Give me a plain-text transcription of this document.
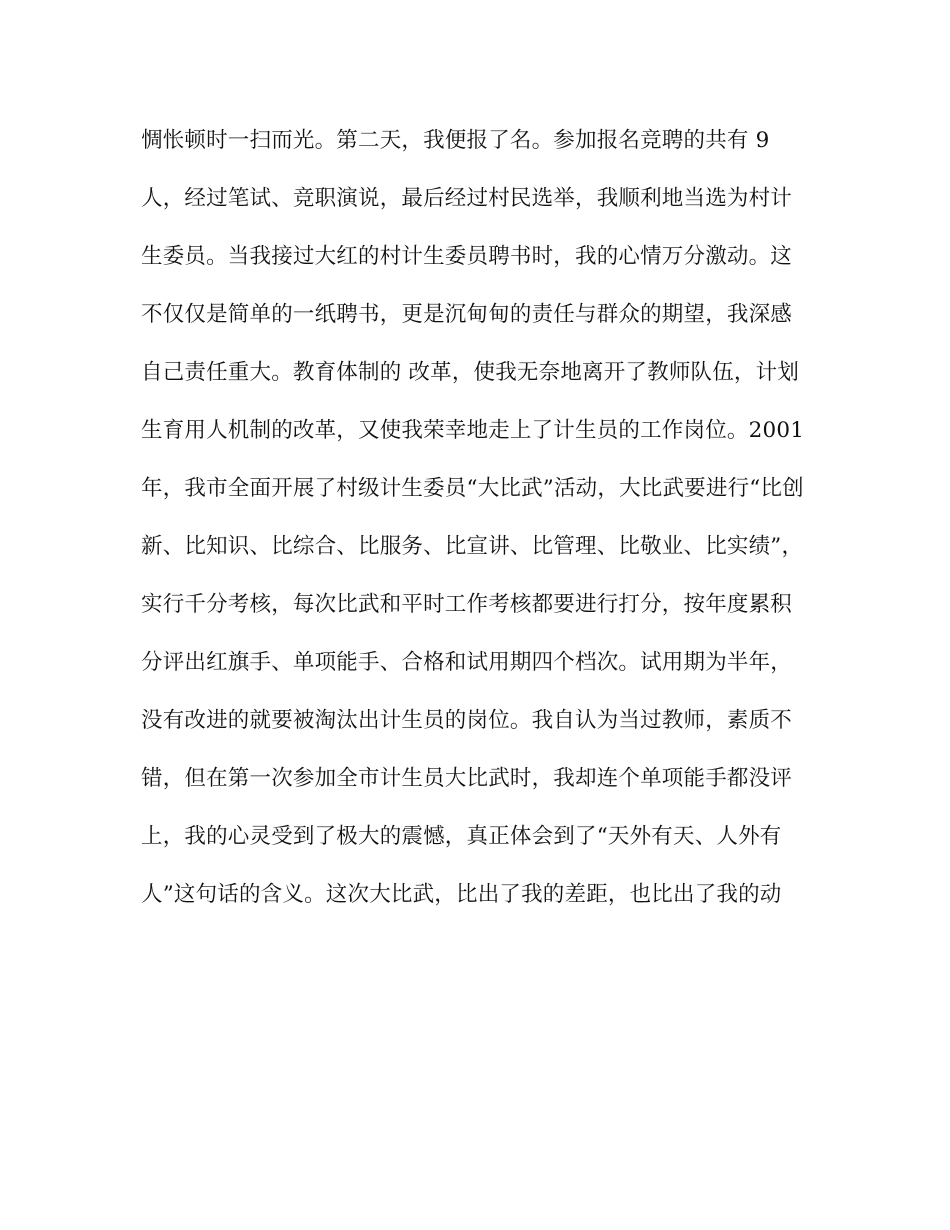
惆怅顿时一扫而光。第二天，我便报了名。参加报名竞聘的共有 9

人，经过笔试、竞职演说，最后经过村民选举，我顺利地当选为村计

生委员。当我接过大红的村计生委员聘书时，我的心情万分激动。这

不仅仅是简单的一纸聘书，更是沉甸甸的责任与群众的期望，我深感

自己责任重大。教育体制的 改革，使我无奈地离开了教师队伍，计划

生育用人机制的改革，又使我荣幸地走上了计生员的工作岗位。2001

年，我市全面开展了村级计生委员“大比武”活动，大比武要进行“比创

新、比知识、比综合、比服务、比宣讲、比管理、比敬业、比实绩”，

实行千分考核，每次比武和平时工作考核都要进行打分，按年度累积

分评出红旗手、单项能手、合格和试用期四个档次。试用期为半年，

没有改进的就要被淘汰出计生员的岗位。我自认为当过教师，素质不

错，但在第一次参加全市计生员大比武时，我却连个单项能手都没评

上，我的心灵受到了极大的震憾，真正体会到了“天外有天、人外有

人”这句话的含义。这次大比武，比出了我的差距，也比出了我的动
